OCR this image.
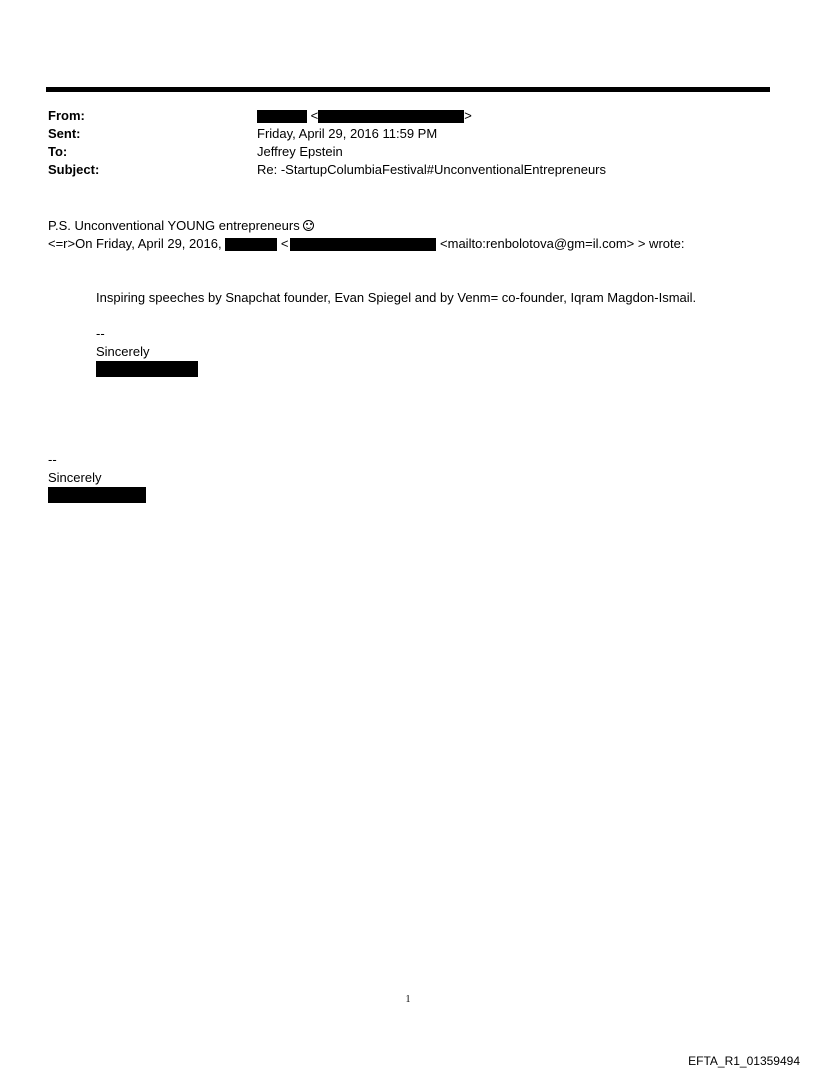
From:	<	>
Sent:	Friday, April 29, 2016 11:59 PM
To:	Jeffrey Epstein
Subject:	Re: -StartupColumbiaFestival#UnconventionalEntrepreneurs
P.S. Unconventional YOUNG entrepreneurs
<=r>On Friday, April 29, 2016,	<	<mailto:renbolotova@gm=il.com> > wrote:
Inspiring speeches by Snapchat founder, Evan Spiegel and by Venm= co-founder, Iqram Magdon-Ismail.
--
Sincerely
--
Sincerely
1
EFTA_R1_01359494
